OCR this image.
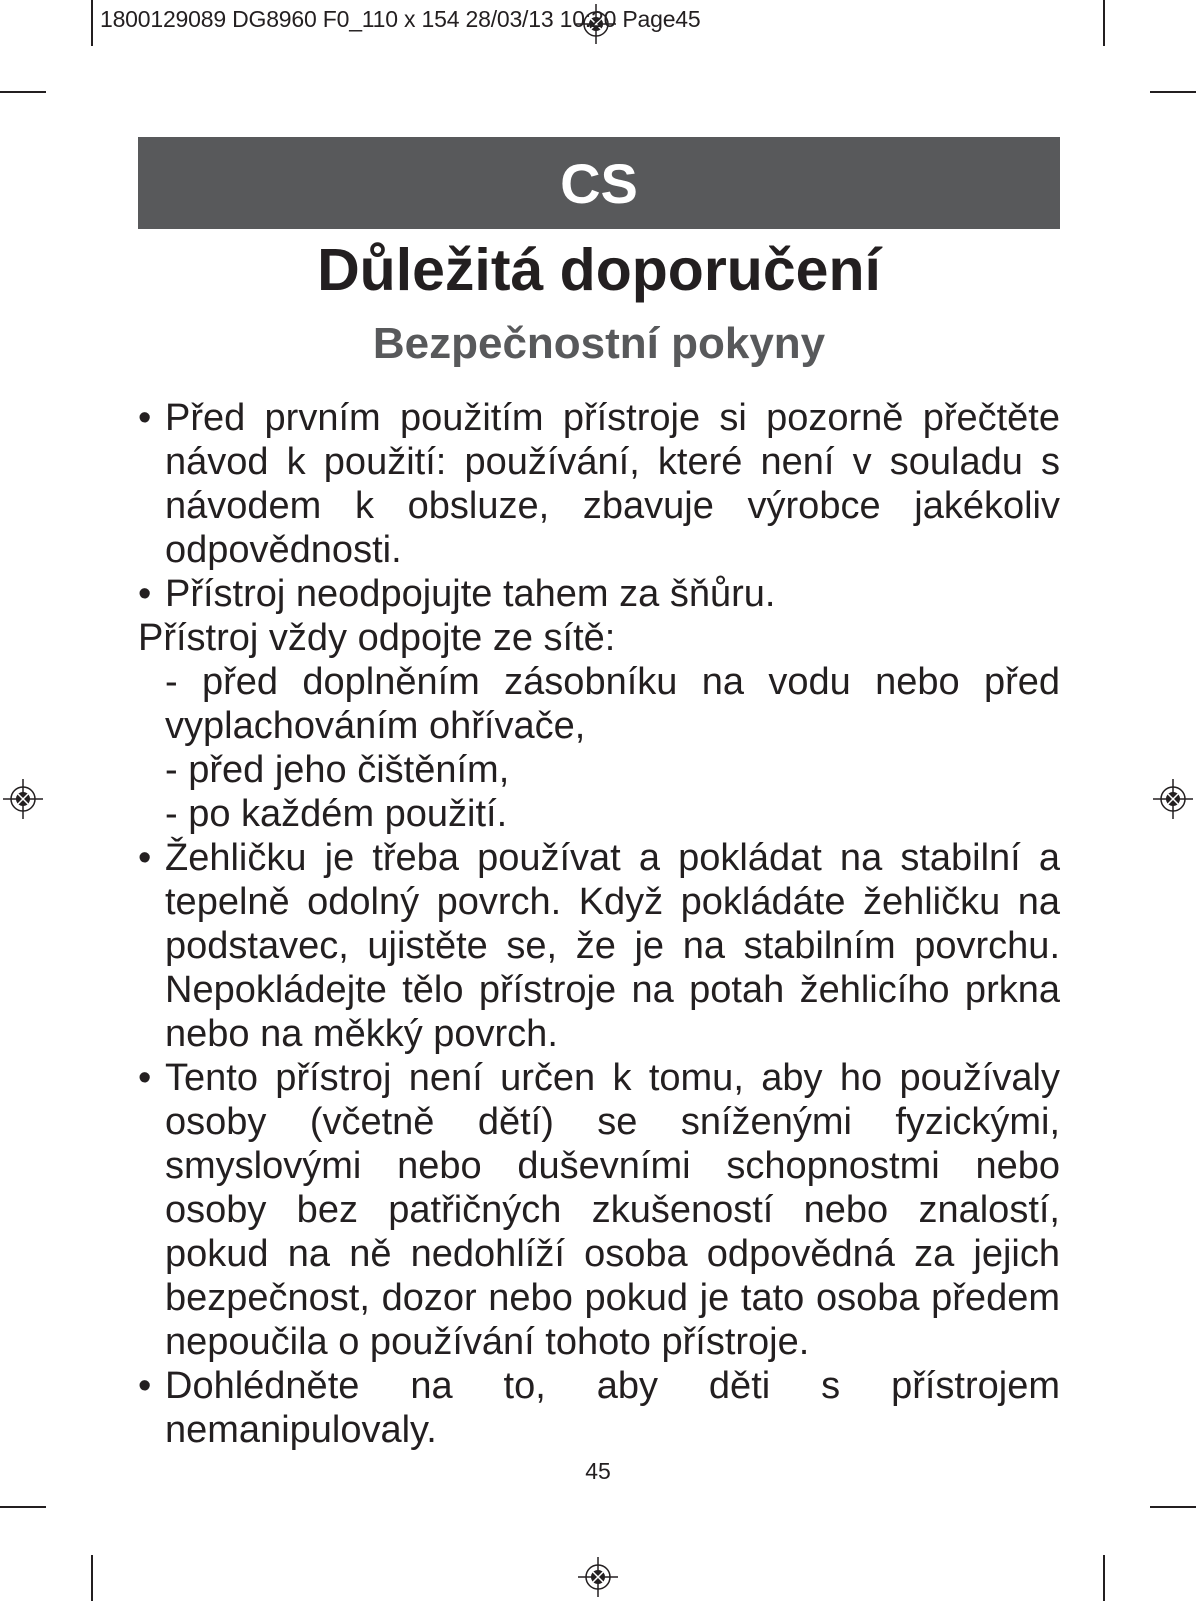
1800129089 DG8960 F0_110 x 154 28/03/13 10:20 Page45
CS
Důležitá doporučení
Bezpečnostní pokyny
• Před prvním použitím přístroje si pozorně přečtěte návod k použití: používání, které není v souladu s návodem k obsluze, zbavuje výrobce jakékoliv odpovědnosti.
• Přístroj neodpojujte tahem za šňůru.
Přístroj vždy odpojte ze sítě:
- před doplněním zásobníku na vodu nebo před vyplachováním ohřívače,
- před jeho čištěním,
- po každém použití.
• Žehličku je třeba používat a pokládat na stabilní a tepelně odolný povrch. Když pokládáte žehličku na podstavec, ujistěte se, že je na stabilním povrchu. Nepokládejte tělo přístroje na potah žehlicího prkna nebo na měkký povrch.
• Tento přístroj není určen k tomu, aby ho používaly osoby (včetně dětí) se sníženými fyzickými, smyslovými nebo duševními schopnostmi nebo osoby bez patřičných zkušeností nebo znalostí, pokud na ně nedohlíží osoba odpovědná za jejich bezpečnost, dozor nebo pokud je tato osoba předem nepoučila o používání tohoto přístroje.
• Dohlédněte na to, aby děti s přístrojem nemanipulovaly.
45
